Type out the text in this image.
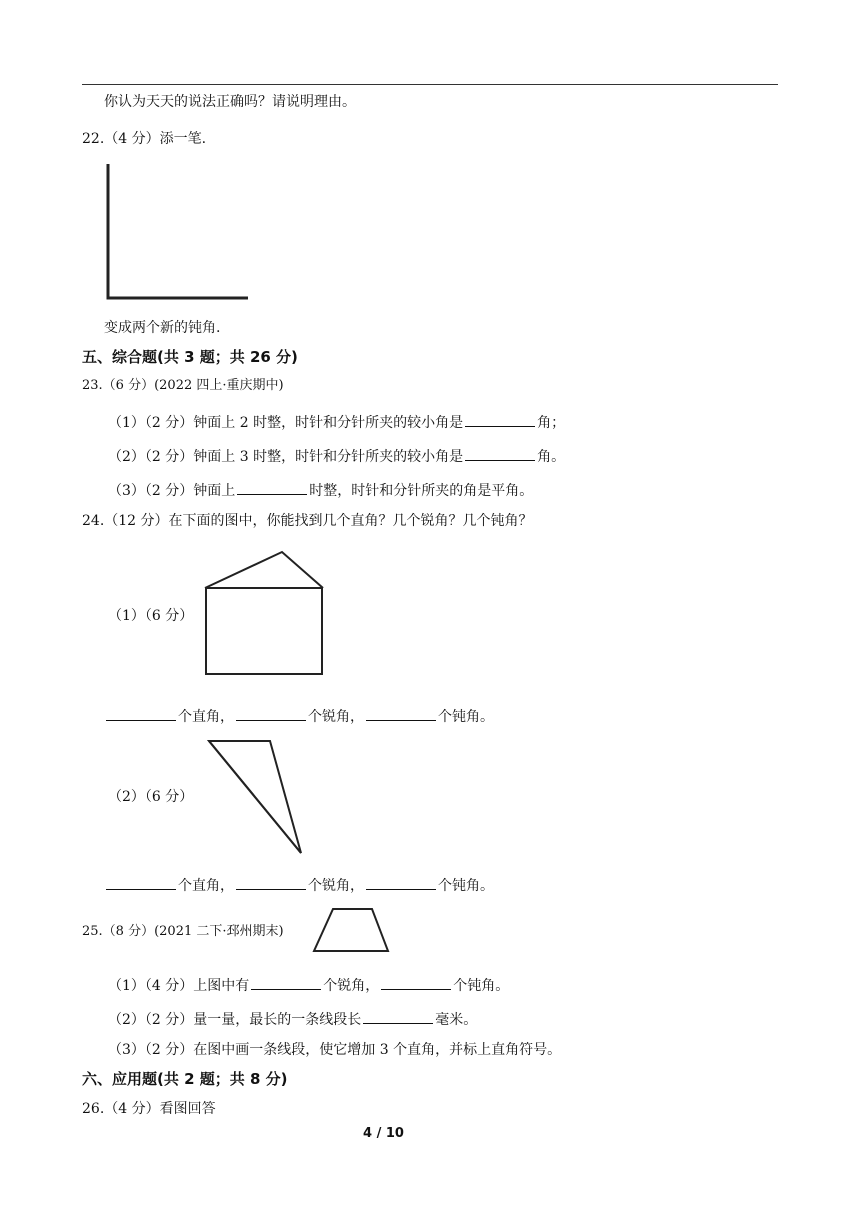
你认为天天的说法正确吗？请说明理由。
22.（4 分）添一笔.
变成两个新的钝角.
五、综合题(共 3 题；共 26 分)
23.（6 分）(2022 四上·重庆期中)
（1）（2 分）钟面上 2 时整，时针和分针所夹的较小角是	角；
（2）（2 分）钟面上 3 时整，时针和分针所夹的较小角是	角。
（3）（2 分）钟面上	时整，时针和分针所夹的角是平角。
24.（12 分）在下面的图中，你能找到几个直角？几个锐角？几个钝角？
（1）（6 分）
个直角，	个锐角，	个钝角。
（2）（6 分）
个直角，	个锐角，	个钝角。
25.（8 分）(2021 二下·邳州期末)
（1）（4 分）上图中有	个锐角，	个钝角。
（2）（2 分）量一量，最长的一条线段长	毫米。
（3）（2 分）在图中画一条线段，使它增加 3 个直角，并标上直角符号。
六、应用题(共 2 题；共 8 分)
26.（4 分）看图回答
4 / 10
